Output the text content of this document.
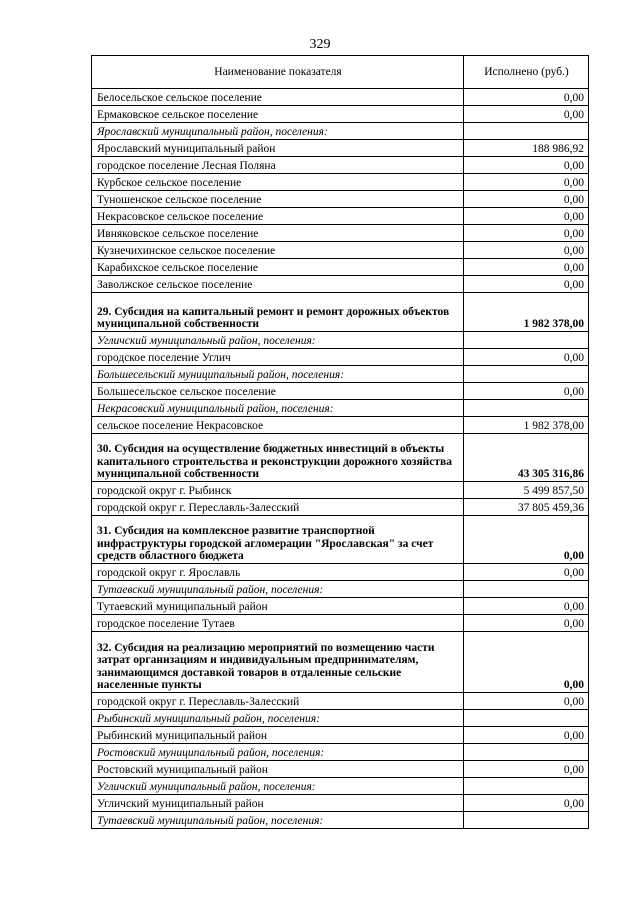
329
Наименование показателя	Исполнено (руб.)
Белосельское сельское поселение	0,00
Ермаковское сельское поселение	0,00
Ярославский муниципальный район, поселения:	
Ярославский муниципальный район	188 986,92
городское поселение Лесная Поляна	0,00
Курбское сельское поселение	0,00
Туношенское сельское поселение	0,00
Некрасовское сельское поселение	0,00
Ивняковское сельское поселение	0,00
Кузнечихинское сельское поселение	0,00
Карабихское сельское поселение	0,00
Заволжское сельское поселение	0,00
29. Субсидия на капитальный ремонт и ремонт дорожных объектов муниципальной собственности	1 982 378,00
Угличский муниципальный район, поселения:	
городское поселение Углич	0,00
Большесельский муниципальный район, поселения:	
Большесельское сельское поселение	0,00
Некрасовский муниципальный район, поселения:	
сельское поселение Некрасовское	1 982 378,00
30. Субсидия на осуществление бюджетных инвестиций в объекты капитального строительства и реконструкции дорожного хозяйства муниципальной собственности	43 305 316,86
городской округ г. Рыбинск	5 499 857,50
городской округ г. Переславль-Залесский	37 805 459,36
31. Субсидия на комплексное развитие транспортной инфраструктуры городской агломерации "Ярославская" за счет средств областного бюджета	0,00
городской округ г. Ярославль	0,00
Тутаевский муниципальный район, поселения:	
Тутаевский муниципальный район	0,00
городское поселение Тутаев	0,00
32. Субсидия на реализацию мероприятий по возмещению части затрат организациям и индивидуальным предпринимателям, занимающимся доставкой товаров в отдаленные сельские населенные пункты	0,00
городской округ г. Переславль-Залесский	0,00
Рыбинский муниципальный район, поселения:	
Рыбинский муниципальный район	0,00
Ростовский муниципальный район, поселения:	
Ростовский муниципальный район	0,00
Угличский муниципальный район, поселения:	
Угличский муниципальный район	0,00
Тутаевский муниципальный район, поселения:	
